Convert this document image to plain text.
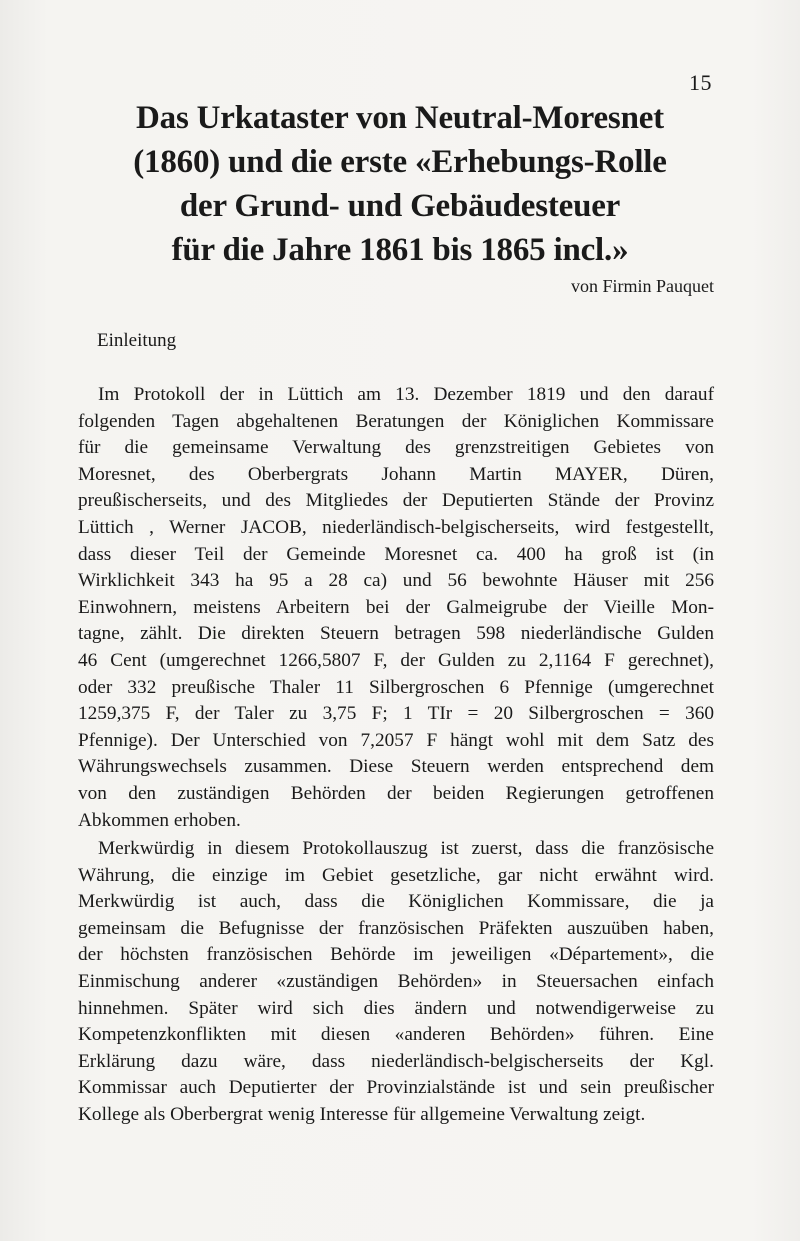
15
Das Urkataster von Neutral-Moresnet
(1860) und die erste «Erhebungs-Rolle
der Grund- und Gebäudesteuer
für die Jahre 1861 bis 1865 incl.»
von Firmin Pauquet
Einleitung

Im Protokoll der in Lüttich am 13. Dezember 1819 und den darauf
folgenden Tagen abgehaltenen Beratungen der Königlichen Kommissare
für die gemeinsame Verwaltung des grenzstreitigen Gebietes von
Moresnet, des Oberbergrats Johann Martin MAYER, Düren,
preußischerseits, und des Mitgliedes der Deputierten Stände der Provinz
Lüttich , Werner JACOB, niederländisch-belgischerseits, wird festgestellt,
dass dieser Teil der Gemeinde Moresnet ca. 400 ha groß ist (in
Wirklichkeit 343 ha 95 a 28 ca) und 56 bewohnte Häuser mit 256
Einwohnern, meistens Arbeitern bei der Galmeigrube der Vieille Mon-
tagne, zählt. Die direkten Steuern betragen 598 niederländische Gulden
46 Cent (umgerechnet 1266,5807 F, der Gulden zu 2,1164 F gerechnet),
oder 332 preußische Thaler 11 Silbergroschen 6 Pfennige (umgerechnet
1259,375 F, der Taler zu 3,75 F; 1 TIr = 20 Silbergroschen = 360
Pfennige). Der Unterschied von 7,2057 F hängt wohl mit dem Satz des
Währungswechsels zusammen. Diese Steuern werden entsprechend dem
von den zuständigen Behörden der beiden Regierungen getroffenen
Abkommen erhoben.

Merkwürdig in diesem Protokollauszug ist zuerst, dass die französische
Währung, die einzige im Gebiet gesetzliche, gar nicht erwähnt wird.
Merkwürdig ist auch, dass die Königlichen Kommissare, die ja
gemeinsam die Befugnisse der französischen Präfekten auszuüben haben,
der höchsten französischen Behörde im jeweiligen «Département», die
Einmischung anderer «zuständigen Behörden» in Steuersachen einfach
hinnehmen. Später wird sich dies ändern und notwendigerweise zu
Kompetenzkonflikten mit diesen «anderen Behörden» führen. Eine
Erklärung dazu wäre, dass niederländisch-belgischerseits der Kgl.
Kommissar auch Deputierter der Provinzialstände ist und sein preußischer
Kollege als Oberbergrat wenig Interesse für allgemeine Verwaltung zeigt.
